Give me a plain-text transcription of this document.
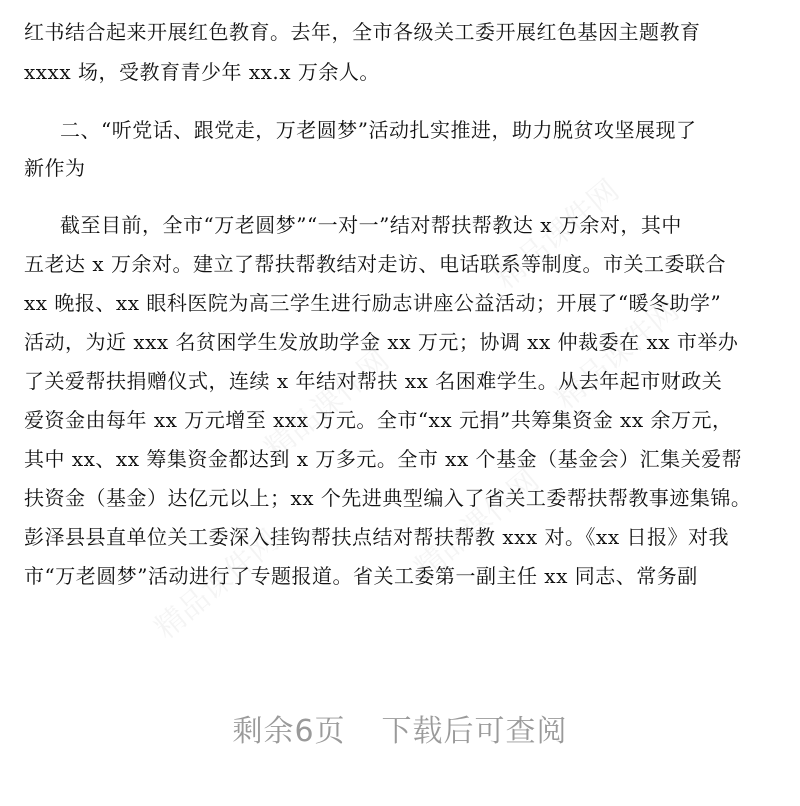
精品课件网
精品课件网
精品课件网
精品课件网	精品课件网
红书结合起来开展红色教育。去年，全市各级关工委开展红色基因主题教育
xxxx 场，受教育青少年 xx.x 万余人。
二、“听党话、跟党走，万老圆梦”活动扎实推进，助力脱贫攻坚展现了
新作为
截至目前，全市“万老圆梦”“一对一”结对帮扶帮教达 x 万余对，其中
五老达 x 万余对。建立了帮扶帮教结对走访、电话联系等制度。市关工委联合
xx 晚报、xx 眼科医院为高三学生进行励志讲座公益活动；开展了“暖冬助学”
活动，为近 xxx 名贫困学生发放助学金 xx 万元；协调 xx 仲裁委在 xx 市举办
了关爱帮扶捐赠仪式，连续 x 年结对帮扶 xx 名困难学生。从去年起市财政关
爱资金由每年 xx 万元增至 xxx 万元。全市“xx 元捐”共筹集资金 xx 余万元，
其中 xx、xx 筹集资金都达到 x 万多元。全市 xx 个基金（基金会）汇集关爱帮
扶资金（基金）达亿元以上；xx 个先进典型编入了省关工委帮扶帮教事迹集锦。
彭泽县县直单位关工委深入挂钩帮扶点结对帮扶帮教 xxx 对。《xx 日报》对我
市“万老圆梦”活动进行了专题报道。省关工委第一副主任 xx 同志、常务副
剩余6页 下载后可查阅
